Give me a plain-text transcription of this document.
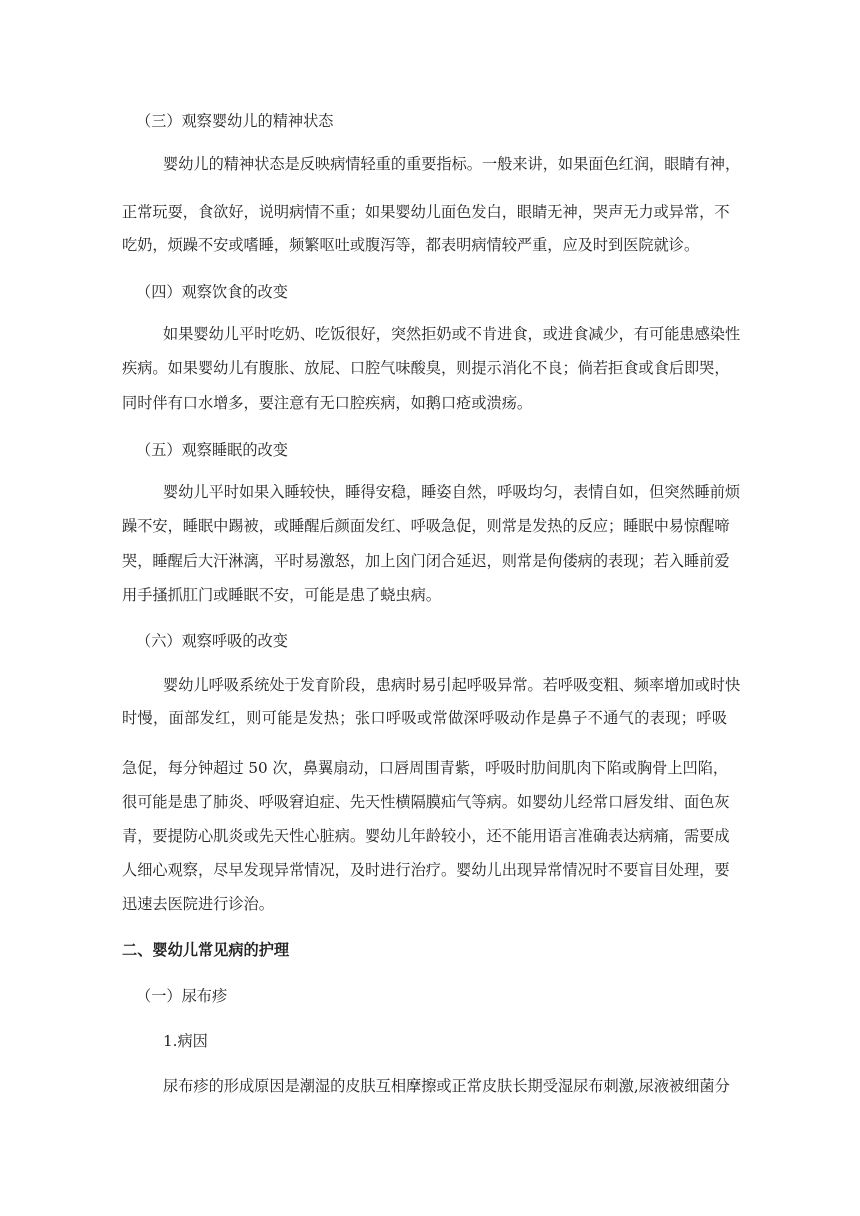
（三）观察婴幼儿的精神状态
婴幼儿的精神状态是反映病情轻重的重要指标。一般来讲，如果面色红润，眼睛有神，
正常玩耍，食欲好，说明病情不重；如果婴幼儿面色发白，眼睛无神，哭声无力或异常，不
吃奶，烦躁不安或嗜睡，频繁呕吐或腹泻等，都表明病情较严重，应及时到医院就诊。
（四）观察饮食的改变
如果婴幼儿平时吃奶、吃饭很好，突然拒奶或不肯进食，或进食减少，有可能患感染性
疾病。如果婴幼儿有腹胀、放屁、口腔气味酸臭，则提示消化不良；倘若拒食或食后即哭，
同时伴有口水增多，要注意有无口腔疾病，如鹅口疮或溃疡。
（五）观察睡眠的改变
婴幼儿平时如果入睡较快，睡得安稳，睡姿自然，呼吸均匀，表情自如，但突然睡前烦
躁不安，睡眠中踢被，或睡醒后颜面发红、呼吸急促，则常是发热的反应；睡眠中易惊醒啼
哭，睡醒后大汗淋漓，平时易激怒，加上囟门闭合延迟，则常是佝偻病的表现；若入睡前爱
用手搔抓肛门或睡眠不安，可能是患了蛲虫病。
（六）观察呼吸的改变
婴幼儿呼吸系统处于发育阶段，患病时易引起呼吸异常。若呼吸变粗、频率增加或时快
时慢，面部发红，则可能是发热；张口呼吸或常做深呼吸动作是鼻子不通气的表现；呼吸
急促，每分钟超过 50 次，鼻翼扇动，口唇周围青紫，呼吸时肋间肌肉下陷或胸骨上凹陷，
很可能是患了肺炎、呼吸窘迫症、先天性横隔膜疝气等病。如婴幼儿经常口唇发绀、面色灰
青，要提防心肌炎或先天性心脏病。婴幼儿年龄较小，还不能用语言准确表达病痛，需要成
人细心观察，尽早发现异常情况，及时进行治疗。婴幼儿出现异常情况时不要盲目处理，要
迅速去医院进行诊治。
二、婴幼儿常见病的护理
（一）尿布疹
1.病因
尿布疹的形成原因是潮湿的皮肤互相摩擦或正常皮肤长期受湿尿布刺激,尿液被细菌分
